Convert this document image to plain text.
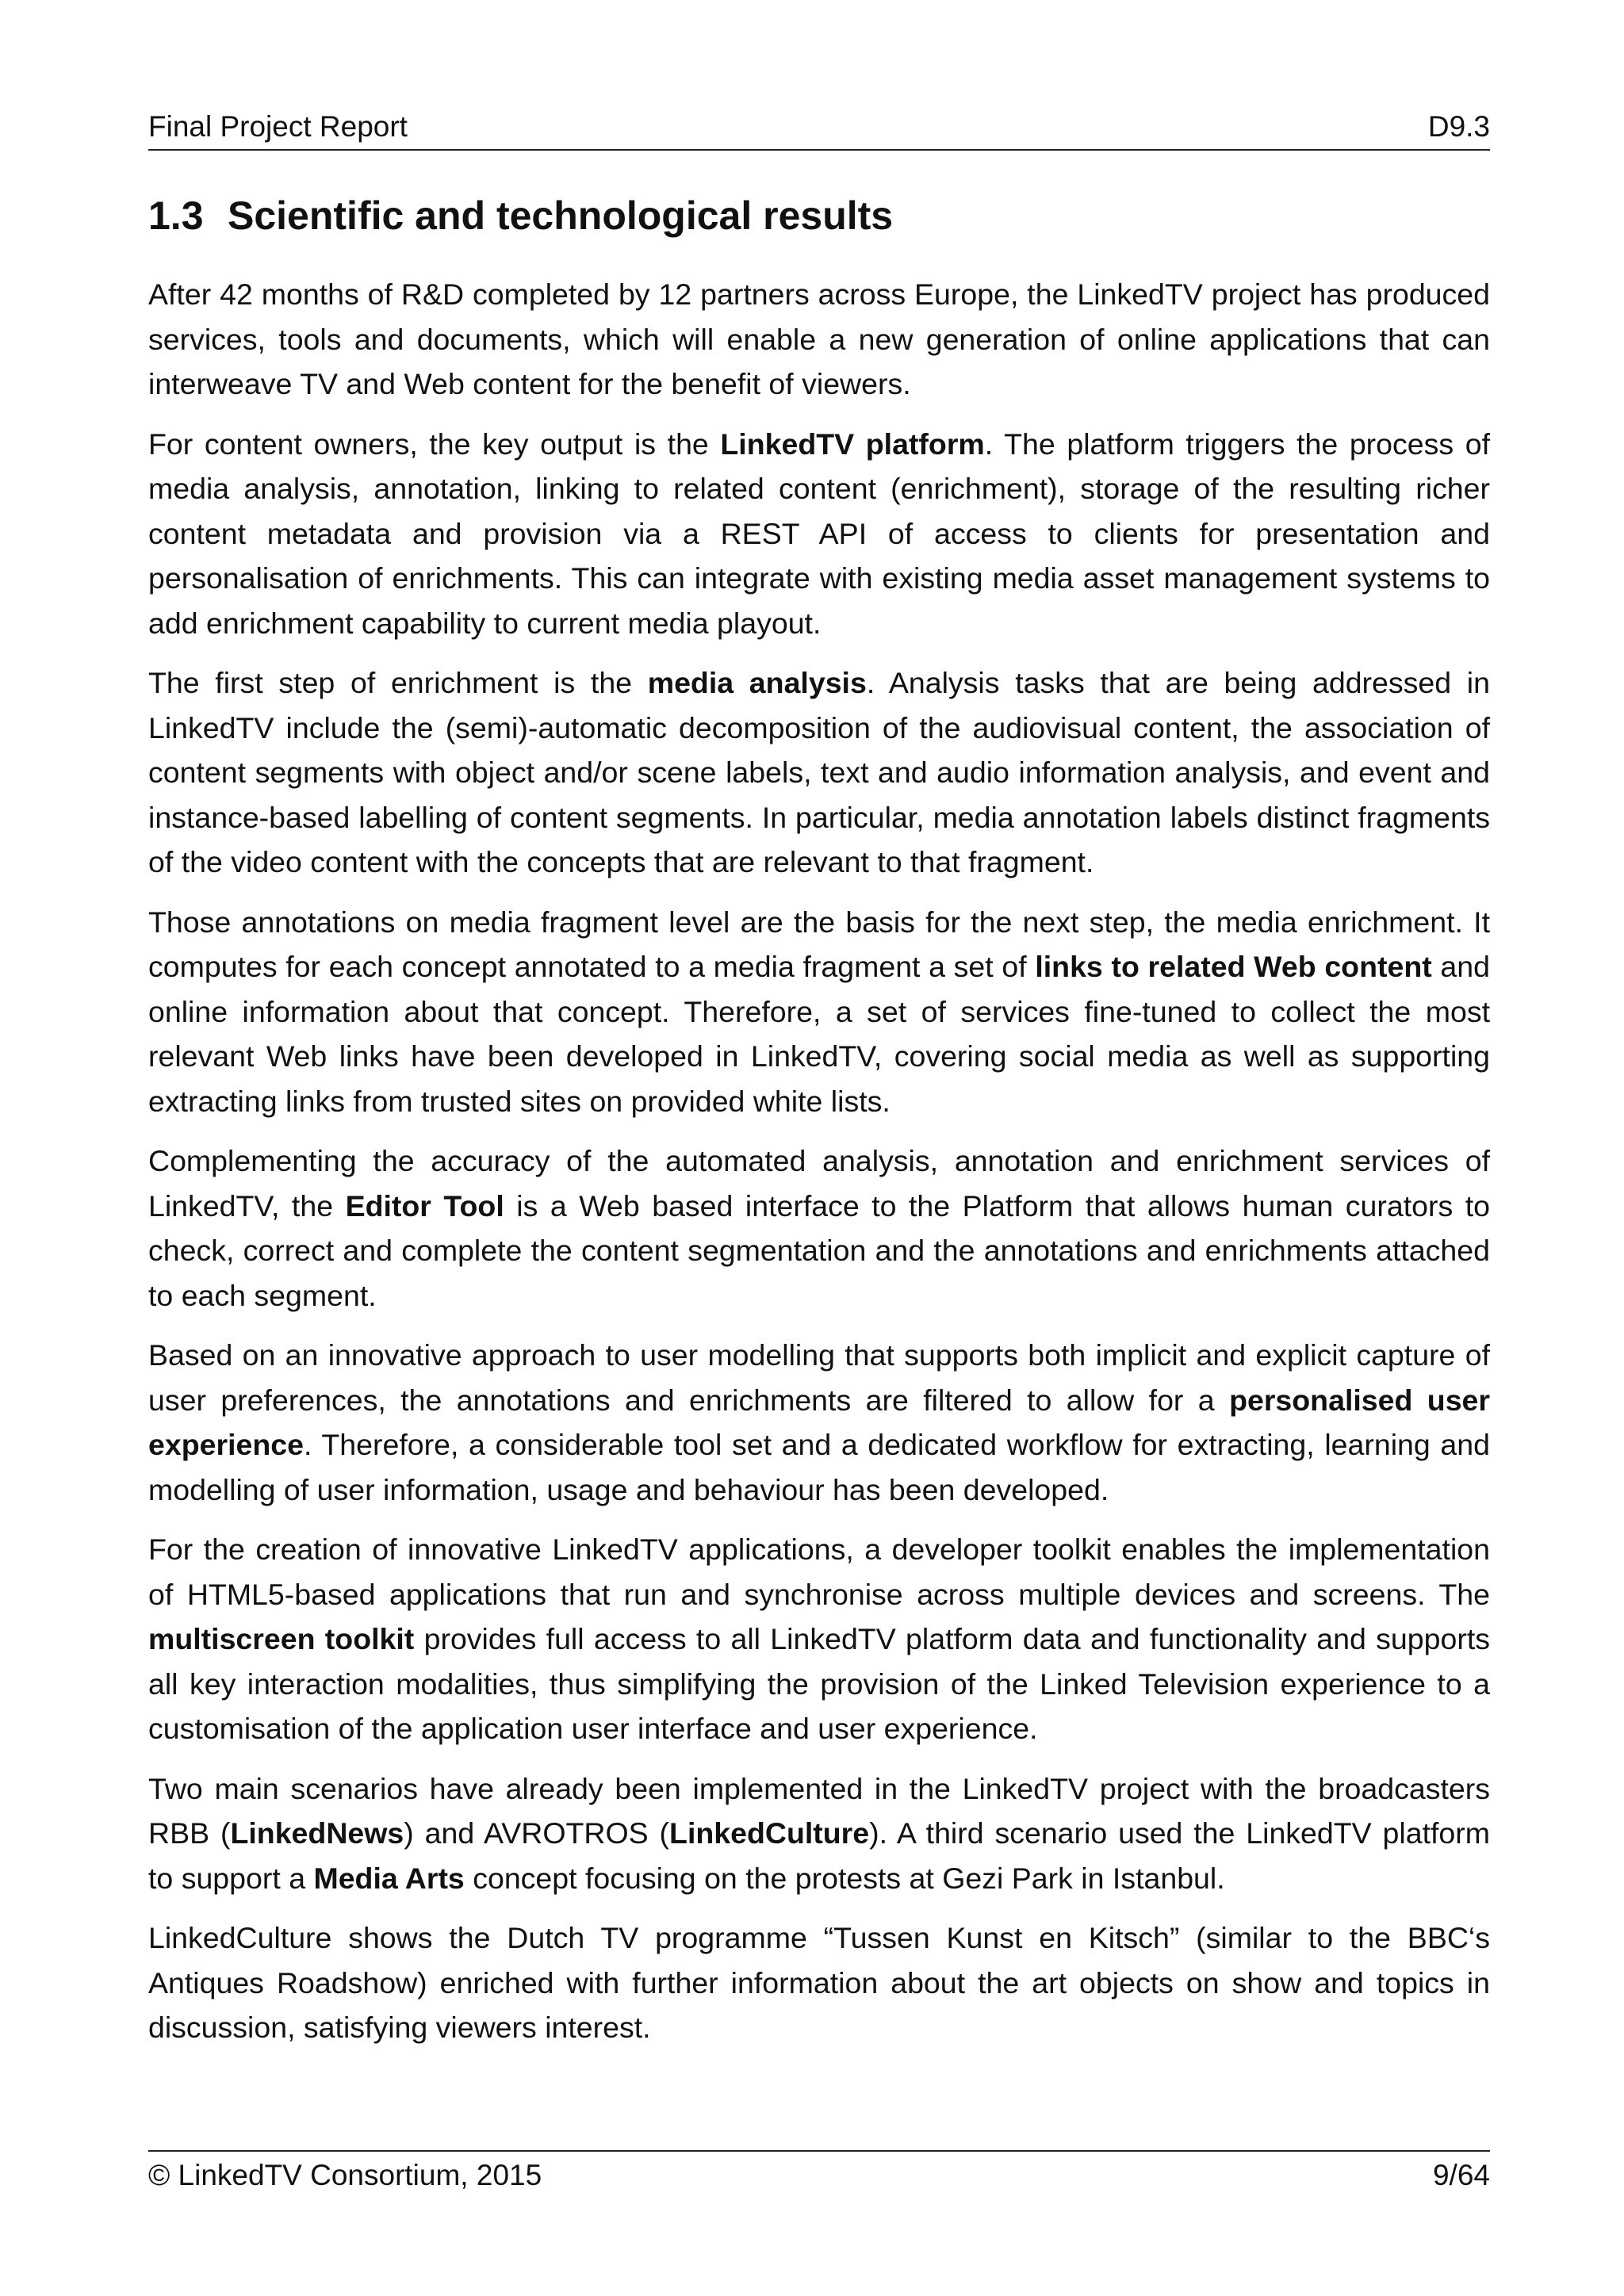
Final Project Report	D9.3
1.3 Scientific and technological results

After 42 months of R&D completed by 12 partners across Europe, the LinkedTV project has produced services, tools and documents, which will enable a new generation of online applications that can interweave TV and Web content for the benefit of viewers.

For content owners, the key output is the LinkedTV platform. The platform triggers the process of media analysis, annotation, linking to related content (enrichment), storage of the resulting richer content metadata and provision via a REST API of access to clients for presentation and personalisation of enrichments. This can integrate with existing media asset management systems to add enrichment capability to current media playout.

The first step of enrichment is the media analysis. Analysis tasks that are being addressed in LinkedTV include the (semi)-automatic decomposition of the audiovisual content, the association of content segments with object and/or scene labels, text and audio information analysis, and event and instance-based labelling of content segments. In particular, media annotation labels distinct fragments of the video content with the concepts that are relevant to that fragment.

Those annotations on media fragment level are the basis for the next step, the media enrichment. It computes for each concept annotated to a media fragment a set of links to related Web content and online information about that concept. Therefore, a set of services fine-tuned to collect the most relevant Web links have been developed in LinkedTV, covering social media as well as supporting extracting links from trusted sites on provided white lists.

Complementing the accuracy of the automated analysis, annotation and enrichment services of LinkedTV, the Editor Tool is a Web based interface to the Platform that allows human curators to check, correct and complete the content segmentation and the annotations and enrichments attached to each segment.

Based on an innovative approach to user modelling that supports both implicit and explicit capture of user preferences, the annotations and enrichments are filtered to allow for a personalised user experience. Therefore, a considerable tool set and a dedicated workflow for extracting, learning and modelling of user information, usage and behaviour has been developed.

For the creation of innovative LinkedTV applications, a developer toolkit enables the implementation of HTML5-based applications that run and synchronise across multiple devices and screens. The multiscreen toolkit provides full access to all LinkedTV platform data and functionality and supports all key interaction modalities, thus simplifying the provision of the Linked Television experience to a customisation of the application user interface and user experience.

Two main scenarios have already been implemented in the LinkedTV project with the broadcasters RBB (LinkedNews) and AVROTROS (LinkedCulture). A third scenario used the LinkedTV platform to support a Media Arts concept focusing on the protests at Gezi Park in Istanbul.

LinkedCulture shows the Dutch TV programme “Tussen Kunst en Kitsch” (similar to the BBC‘s Antiques Roadshow) enriched with further information about the art objects on show and topics in discussion, satisfying viewers interest.

© LinkedTV Consortium, 2015	9/64
